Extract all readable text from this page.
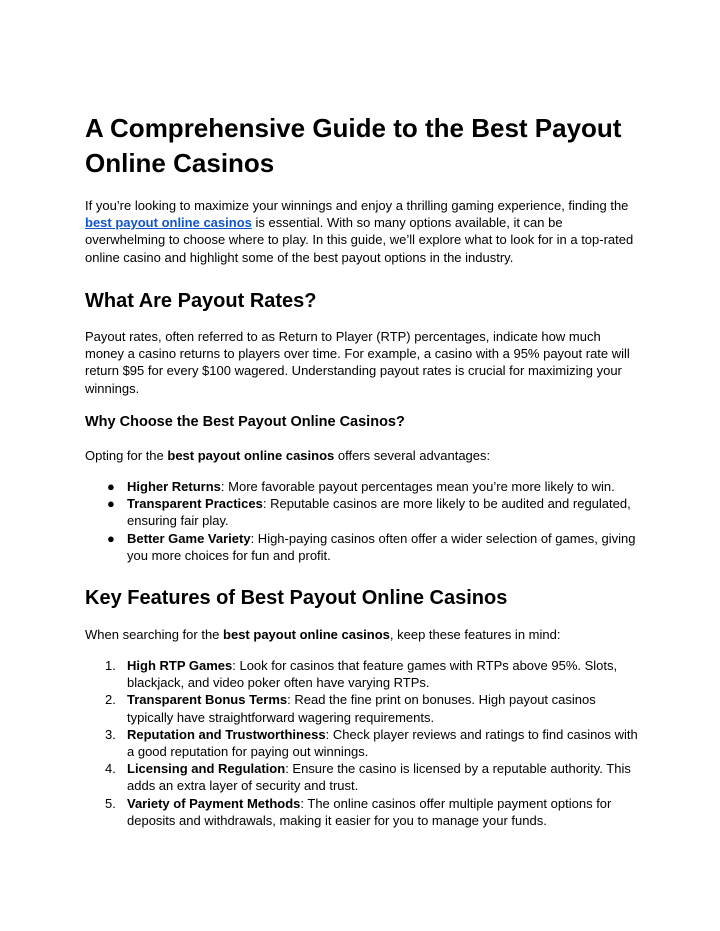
A Comprehensive Guide to the Best Payout Online Casinos

If you’re looking to maximize your winnings and enjoy a thrilling gaming experience, finding the best payout online casinos is essential. With so many options available, it can be overwhelming to choose where to play. In this guide, we’ll explore what to look for in a top-rated online casino and highlight some of the best payout options in the industry.

What Are Payout Rates?

Payout rates, often referred to as Return to Player (RTP) percentages, indicate how much money a casino returns to players over time. For example, a casino with a 95% payout rate will return $95 for every $100 wagered. Understanding payout rates is crucial for maximizing your winnings.

Why Choose the Best Payout Online Casinos?

Opting for the best payout online casinos offers several advantages:

● Higher Returns: More favorable payout percentages mean you’re more likely to win.
● Transparent Practices: Reputable casinos are more likely to be audited and regulated, ensuring fair play.
● Better Game Variety: High-paying casinos often offer a wider selection of games, giving you more choices for fun and profit.
Key Features of Best Payout Online Casinos

When searching for the best payout online casinos, keep these features in mind:

1. High RTP Games: Look for casinos that feature games with RTPs above 95%. Slots, blackjack, and video poker often have varying RTPs.
2. Transparent Bonus Terms: Read the fine print on bonuses. High payout casinos typically have straightforward wagering requirements.
3. Reputation and Trustworthiness: Check player reviews and ratings to find casinos with a good reputation for paying out winnings.
4. Licensing and Regulation: Ensure the casino is licensed by a reputable authority. This adds an extra layer of security and trust.
5. Variety of Payment Methods: The online casinos offer multiple payment options for deposits and withdrawals, making it easier for you to manage your funds.
